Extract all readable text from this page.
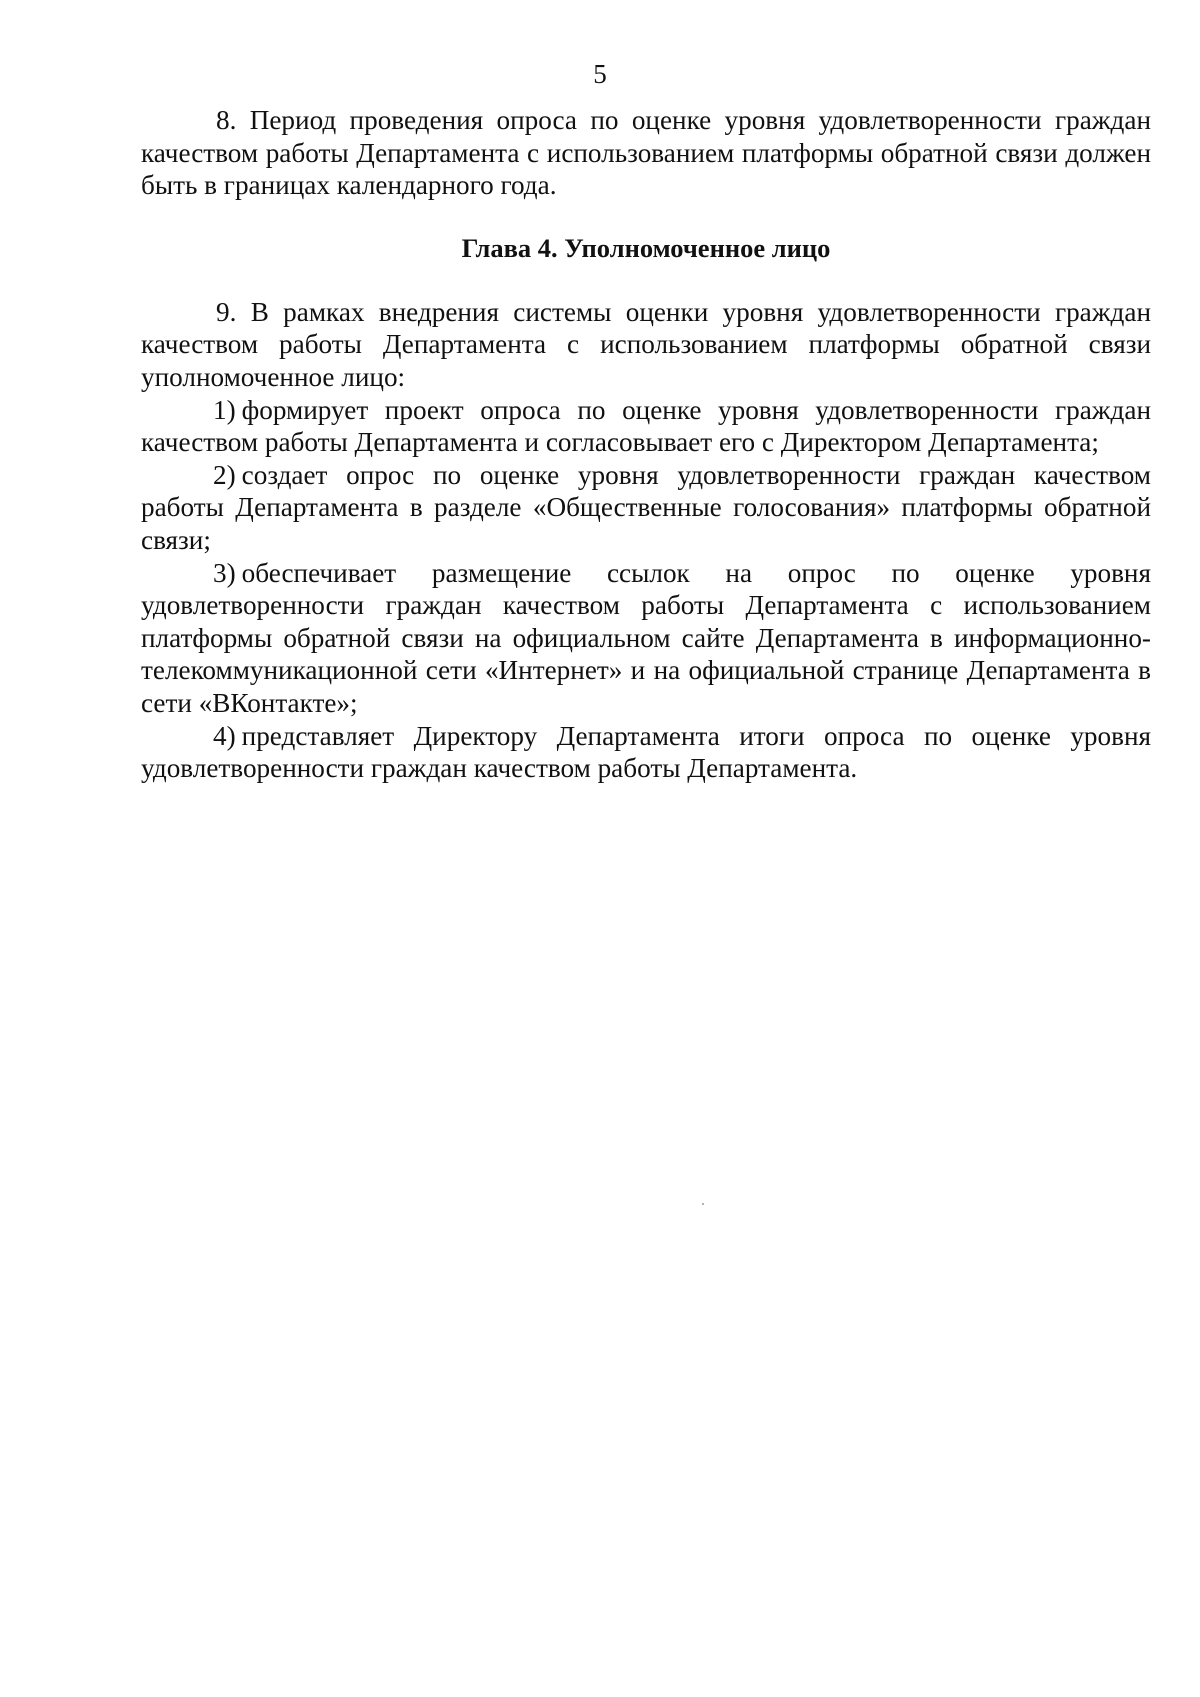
5

8. Период проведения опроса по оценке уровня удовлетворенности граждан качеством работы Департамента с использованием платформы обратной связи должен быть в границах календарного года.

Глава 4. Уполномоченное лицо

9. В рамках внедрения системы оценки уровня удовлетворенности граждан качеством работы Департамента с использованием платформы обратной связи уполномоченное лицо:

1) формирует проект опроса по оценке уровня удовлетворенности граждан качеством работы Департамента и согласовывает его с Директором Департамента;

2) создает опрос по оценке уровня удовлетворенности граждан качеством работы Департамента в разделе «Общественные голосования» платформы обратной связи;

3) обеспечивает размещение ссылок на опрос по оценке уровня удовлетворенности граждан качеством работы Департамента с использованием платформы обратной связи на официальном сайте Департамента в информационно-телекоммуникационной сети «Интернет» и на официальной странице Департамента в сети «ВКонтакте»;

4) представляет Директору Департамента итоги опроса по оценке уровня удовлетворенности граждан качеством работы Департамента.
